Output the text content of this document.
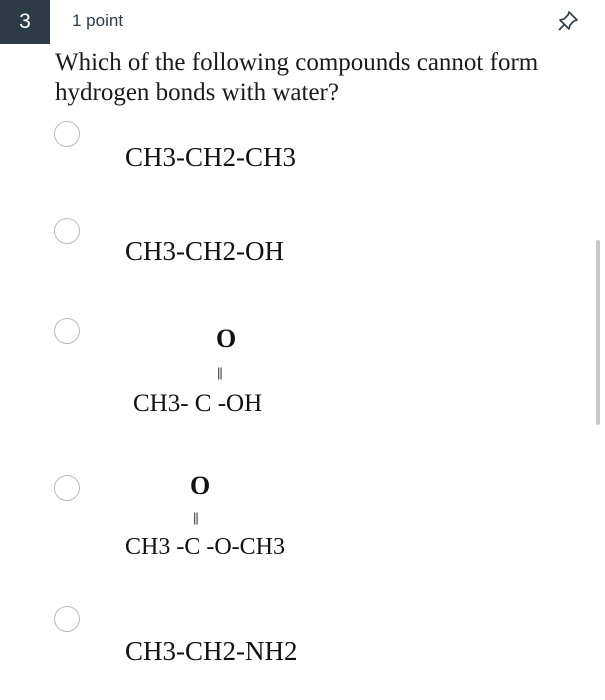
3	1 point
Which of the following compounds cannot form hydrogen bonds with water?
CH3-CH2-CH3
CH3-CH2-OH
O
||
CH3- C -OH
O
||
CH3 -C -O-CH3
CH3-CH2-NH2
